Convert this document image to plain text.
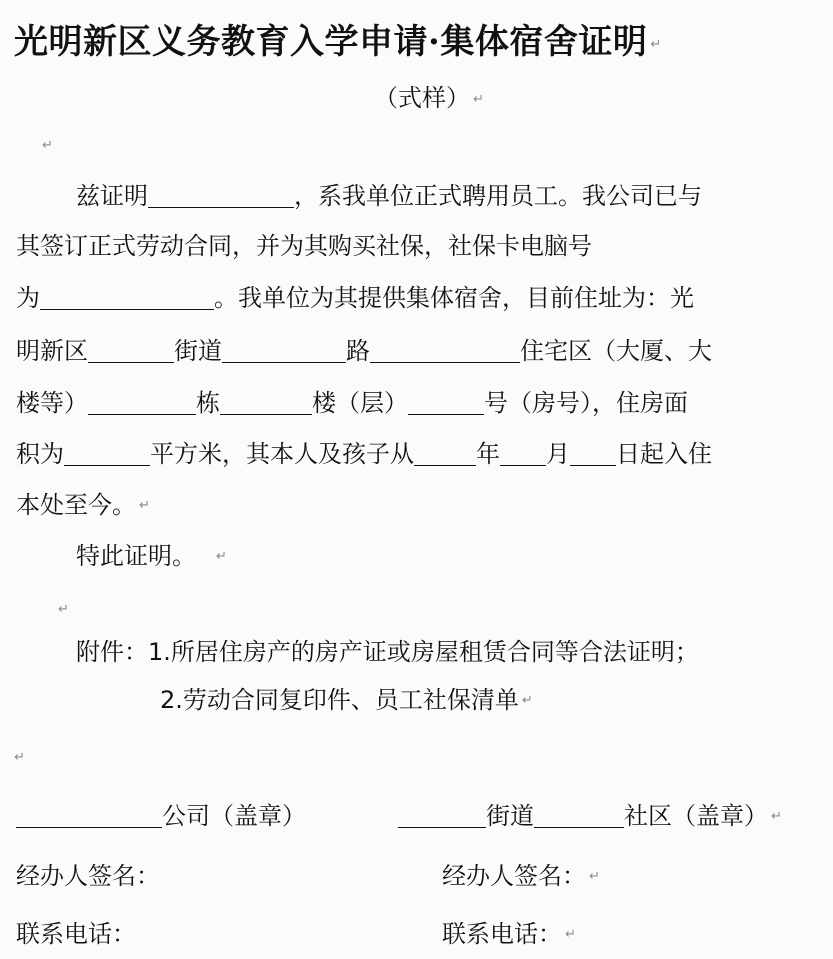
光明新区义务教育入学申请·集体宿舍证明 ↵
（式样） ↵
↵
兹证明	，系我单位正式聘用员工。我公司已与
其签订正式劳动合同，并为其购买社保，社保卡电脑号
为	。我单位为其提供集体宿舍，目前住址为：光
明新区	街道	路	住宅区（大厦、大
楼等）	栋	楼（层）	号（房号），住房面
积为	平方米，其本人及孩子从	年 月 日起入住
本处至今。 ↵
特此证明。 ↵
↵
附件：1.所居住房产的房产证或房屋租赁合同等合法证明；
2.劳动合同复印件、员工社保清单 ↵
↵
公司（盖章）	街道	社区（盖章） ↵
经办人签名：	经办人签名： ↵
联系电话：	联系电话： ↵
